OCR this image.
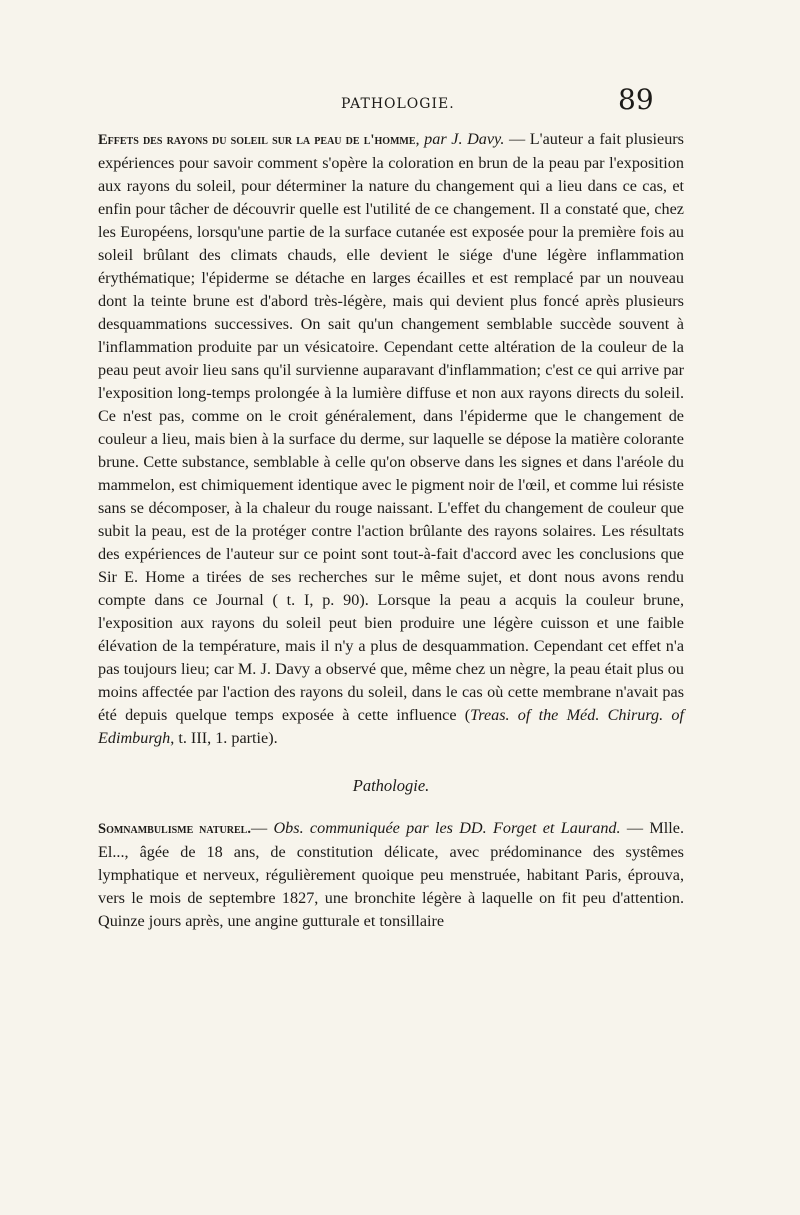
PATHOLOGIE.	89

Effets des rayons du soleil sur la peau de l'homme, par J. Davy. — L'auteur a fait plusieurs expériences pour savoir comment s'opère la coloration en brun de la peau par l'exposition aux rayons du soleil, pour déterminer la nature du changement qui a lieu dans ce cas, et enfin pour tâcher de découvrir quelle est l'utilité de ce changement. Il a constaté que, chez les Européens, lorsqu'une partie de la surface cutanée est exposée pour la première fois au soleil brûlant des climats chauds, elle devient le siége d'une légère inflammation érythématique; l'épiderme se détache en larges écailles et est remplacé par un nouveau dont la teinte brune est d'abord très-légère, mais qui devient plus foncé après plusieurs desquammations successives. On sait qu'un changement semblable succède souvent à l'inflammation produite par un vésicatoire. Cependant cette altération de la couleur de la peau peut avoir lieu sans qu'il survienne auparavant d'inflammation; c'est ce qui arrive par l'exposition long-temps prolongée à la lumière diffuse et non aux rayons directs du soleil. Ce n'est pas, comme on le croit généralement, dans l'épiderme que le changement de couleur a lieu, mais bien à la surface du derme, sur laquelle se dépose la matière colorante brune. Cette substance, semblable à celle qu'on observe dans les signes et dans l'aréole du mammelon, est chimiquement identique avec le pigment noir de l'œil, et comme lui résiste sans se décomposer, à la chaleur du rouge naissant. L'effet du changement de couleur que subit la peau, est de la protéger contre l'action brûlante des rayons solaires. Les résultats des expériences de l'auteur sur ce point sont tout-à-fait d'accord avec les conclusions que Sir E. Home a tirées de ses recherches sur le même sujet, et dont nous avons rendu compte dans ce Journal ( t. I, p. 90). Lorsque la peau a acquis la couleur brune, l'exposition aux rayons du soleil peut bien produire une légère cuisson et une faible élévation de la température, mais il n'y a plus de desquammation. Cependant cet effet n'a pas toujours lieu; car M. J. Davy a observé que, même chez un nègre, la peau était plus ou moins affectée par l'action des rayons du soleil, dans le cas où cette membrane n'avait pas été depuis quelque temps exposée à cette influence (Treas. of the Méd. Chirurg. of Edimburgh, t. III, 1. partie).

Pathologie.

Somnambulisme naturel.— Obs. communiquée par les DD. Forget et Laurand. — Mlle. El..., âgée de 18 ans, de constitution délicate, avec prédominance des systêmes lymphatique et nerveux, régulièrement quoique peu menstruée, habitant Paris, éprouva, vers le mois de septembre 1827, une bronchite légère à laquelle on fit peu d'attention. Quinze jours après, une angine gutturale et tonsillaire
